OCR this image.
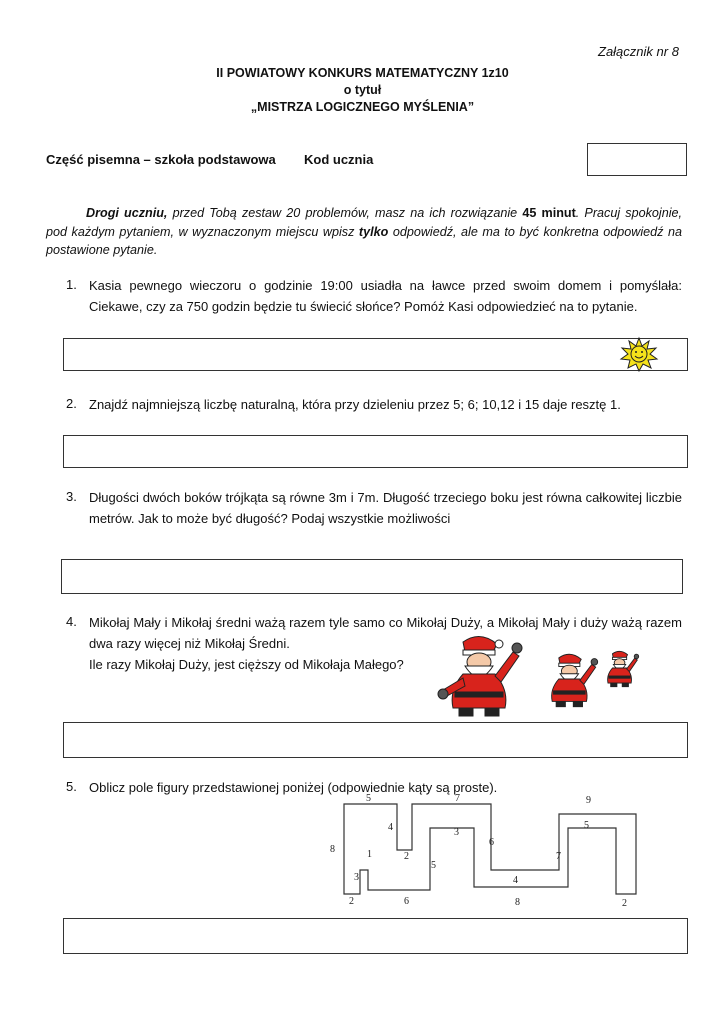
Załącznik nr 8
II POWIATOWY KONKURS MATEMATYCZNY 1z10
o tytuł
„MISTRZA LOGICZNEGO MYŚLENIA”
Część pisemna – szkoła podstawowa Kod ucznia
Drogi uczniu, przed Tobą zestaw 20 problemów, masz na ich rozwiązanie 45 minut. Pracuj spokojnie, pod każdym pytaniem, w wyznaczonym miejscu wpisz tylko odpowiedź, ale ma to być konkretna odpowiedź na postawione pytanie.
1. Kasia pewnego wieczoru o godzinie 19:00 usiadła na ławce przed swoim domem i pomyślała: Ciekawe, czy za 750 godzin będzie tu świecić słońce? Pomóż Kasi odpowiedzieć na to pytanie.
2. Znajdź najmniejszą liczbę naturalną, która przy dzieleniu przez 5; 6; 10,12 i 15 daje resztę 1.
3. Długości dwóch boków trójkąta są równe 3m i 7m. Długość trzeciego boku jest równa całkowitej liczbie metrów. Jak to może być długość? Podaj wszystkie możliwości
4. Mikołaj Mały i Mikołaj średni ważą razem tyle samo co Mikołaj Duży, a Mikołaj Mały i duży ważą razem dwa razy więcej niż Mikołaj Średni.
Ile razy Mikołaj Duży, jest cięższy od Mikołaja Małego?
5. Oblicz pole figury przedstawionej poniżej (odpowiednie kąty są proste).
5	7	9
4	3
5
8	1	2
6
5
7
3	4
2	6	8	2
